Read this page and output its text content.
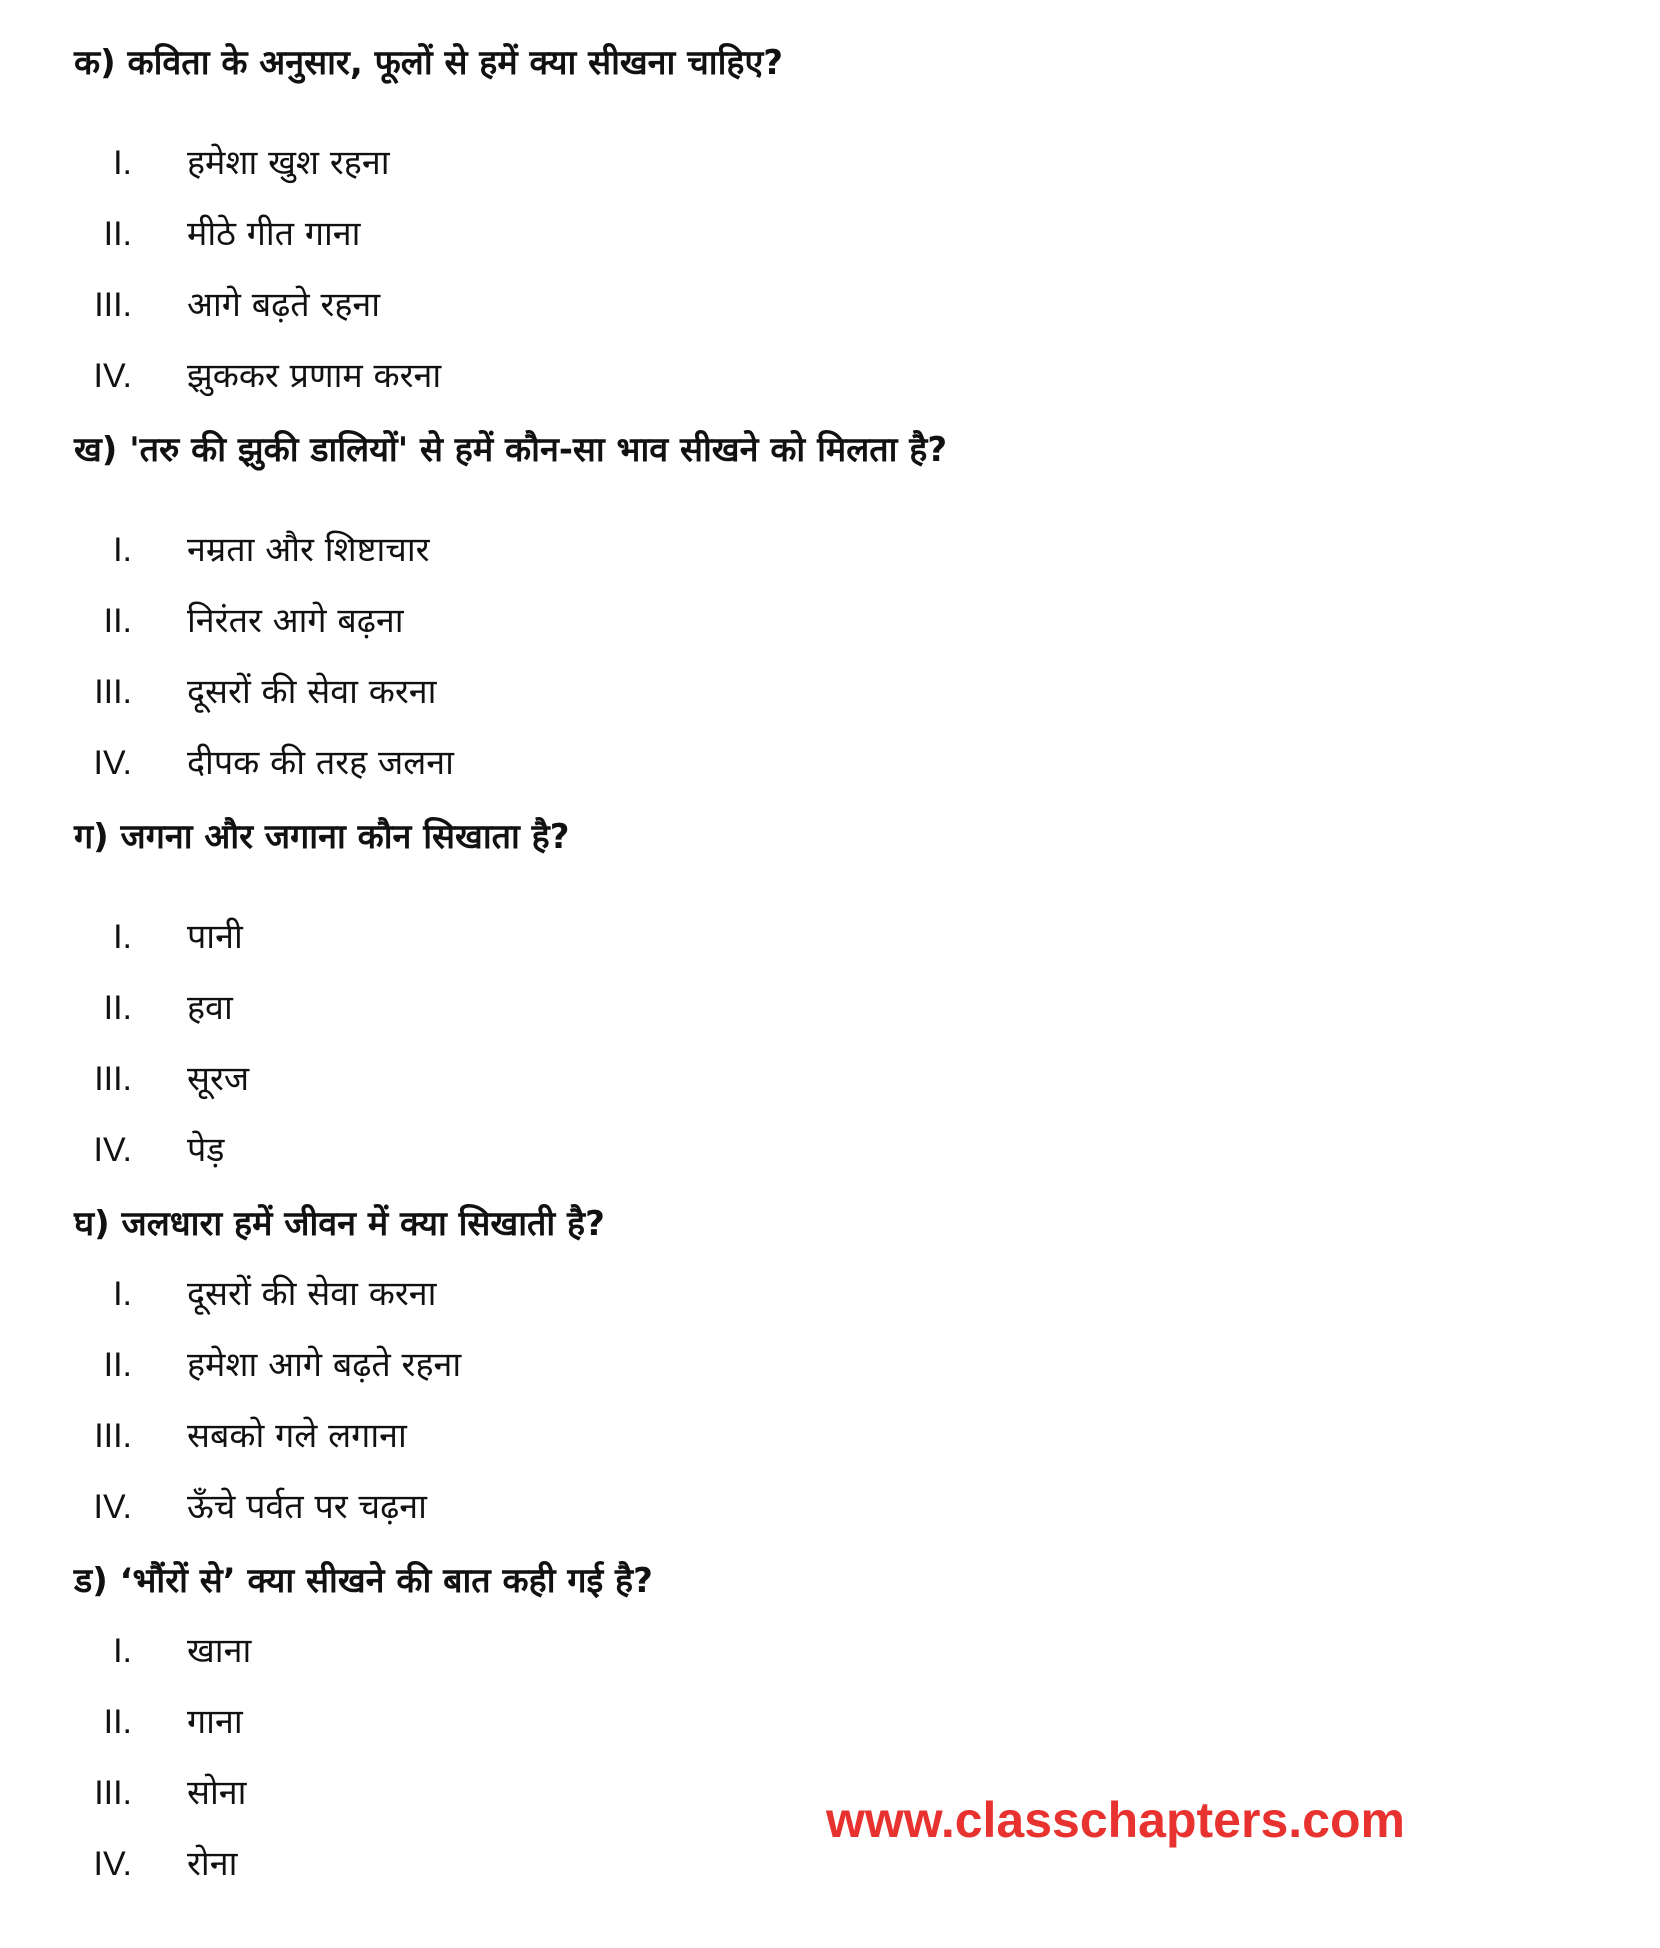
क) कविता के अनुसार, फूलों से हमें क्या सीखना चाहिए?
I. हमेशा खुश रहना
II. मीठे गीत गाना
III. आगे बढ़ते रहना
IV. झुककर प्रणाम करना
ख) 'तरु की झुकी डालियों' से हमें कौन-सा भाव सीखने को मिलता है?
I. नम्रता और शिष्टाचार
II. निरंतर आगे बढ़ना
III. दूसरों की सेवा करना
IV. दीपक की तरह जलना
ग) जगना और जगाना कौन सिखाता है?
I. पानी
II. हवा
III. सूरज
IV. पेड़
घ) जलधारा हमें जीवन में क्या सिखाती है?
I. दूसरों की सेवा करना
II. हमेशा आगे बढ़ते रहना
III. सबको गले लगाना
IV. ऊँचे पर्वत पर चढ़ना
ड) ‘भौंरों से’ क्या सीखने की बात कही गई है?
I. खाना
II. गाना
III. सोना
IV. रोना
www.classchapters.com
